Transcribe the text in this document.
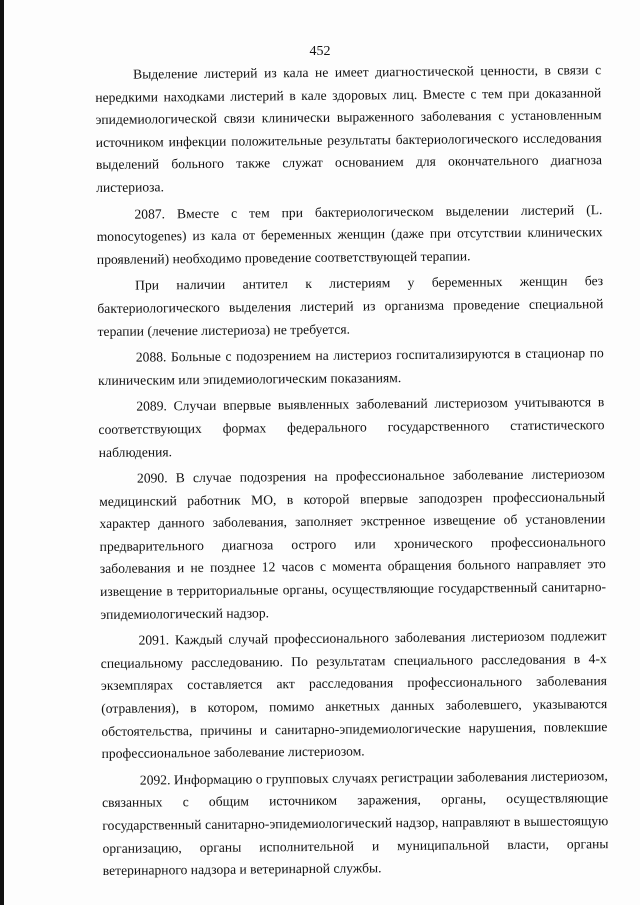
452

Выделение листерий из кала не имеет диагностической ценности, в связи с нередкими находками листерий в кале здоровых лиц. Вместе с тем при доказанной эпидемиологической связи клинически выраженного заболевания с установленным источником инфекции положительные результаты бактериологического исследования выделений больного также служат основанием для окончательного диагноза листериоза.

2087. Вместе с тем при бактериологическом выделении листерий (L. monocytogenes) из кала от беременных женщин (даже при отсутствии клинических проявлений) необходимо проведение соответствующей терапии.

При наличии антител к листериям у беременных женщин без бактериологического выделения листерий из организма проведение специальной терапии (лечение листериоза) не требуется.

2088. Больные с подозрением на листериоз госпитализируются в стационар по клиническим или эпидемиологическим показаниям.

2089. Случаи впервые выявленных заболеваний листериозом учитываются в соответствующих формах федерального государственного статистического наблюдения.

2090. В случае подозрения на профессиональное заболевание листериозом медицинский работник МО, в которой впервые заподозрен профессиональный характер данного заболевания, заполняет экстренное извещение об установлении предварительного диагноза острого или хронического профессионального заболевания и не позднее 12 часов с момента обращения больного направляет это извещение в территориальные органы, осуществляющие государственный санитарно-эпидемиологический надзор.

2091. Каждый случай профессионального заболевания листериозом подлежит специальному расследованию. По результатам специального расследования в 4-х экземплярах составляется акт расследования профессионального заболевания (отравления), в котором, помимо анкетных данных заболевшего, указываются обстоятельства, причины и санитарно-эпидемиологические нарушения, повлекшие профессиональное заболевание листериозом.

2092. Информацию о групповых случаях регистрации заболевания листериозом, связанных с общим источником заражения, органы, осуществляющие государственный санитарно-эпидемиологический надзор, направляют в вышестоящую организацию, органы исполнительной и муниципальной власти, органы ветеринарного надзора и ветеринарной службы.
